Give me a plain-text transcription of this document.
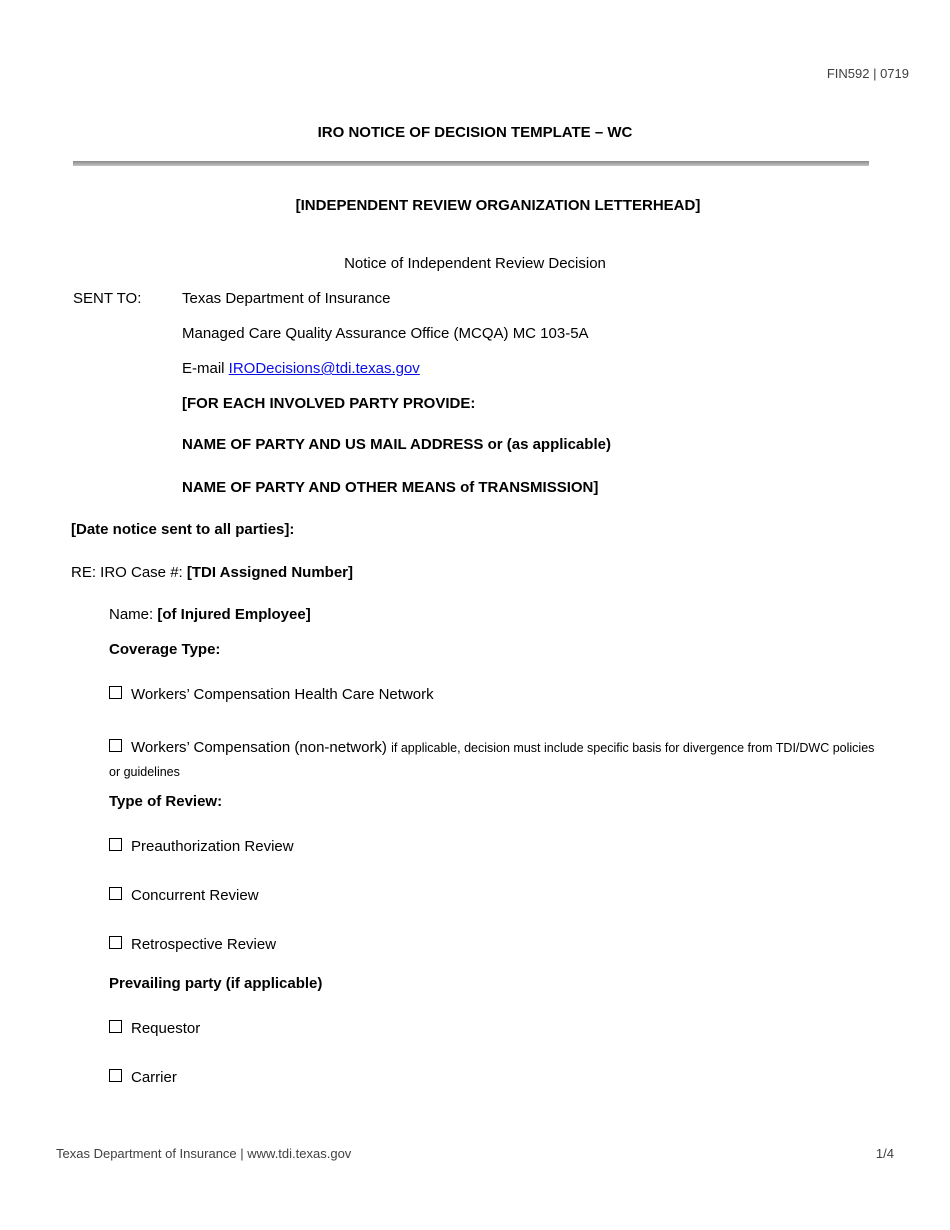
FIN592 | 0719
IRO NOTICE OF DECISION TEMPLATE – WC
[INDEPENDENT REVIEW ORGANIZATION LETTERHEAD]
Notice of Independent Review Decision
SENT TO:	Texas Department of Insurance
Managed Care Quality Assurance Office (MCQA) MC 103-5A
E-mail IRODecisions@tdi.texas.gov
[FOR EACH INVOLVED PARTY PROVIDE:
NAME OF PARTY AND US MAIL ADDRESS or (as applicable)
NAME OF PARTY AND OTHER MEANS of TRANSMISSION]
[Date notice sent to all parties]:
RE: IRO Case #: [TDI Assigned Number]
Name: [of Injured Employee]
Coverage Type:
Workers’ Compensation Health Care Network
Workers’ Compensation (non-network) if applicable, decision must include specific basis for divergence from TDI/DWC policies or guidelines
Type of Review:
Preauthorization Review
Concurrent Review
Retrospective Review
Prevailing party (if applicable)
Requestor
Carrier
Texas Department of Insurance | www.tdi.texas.gov	1/4
